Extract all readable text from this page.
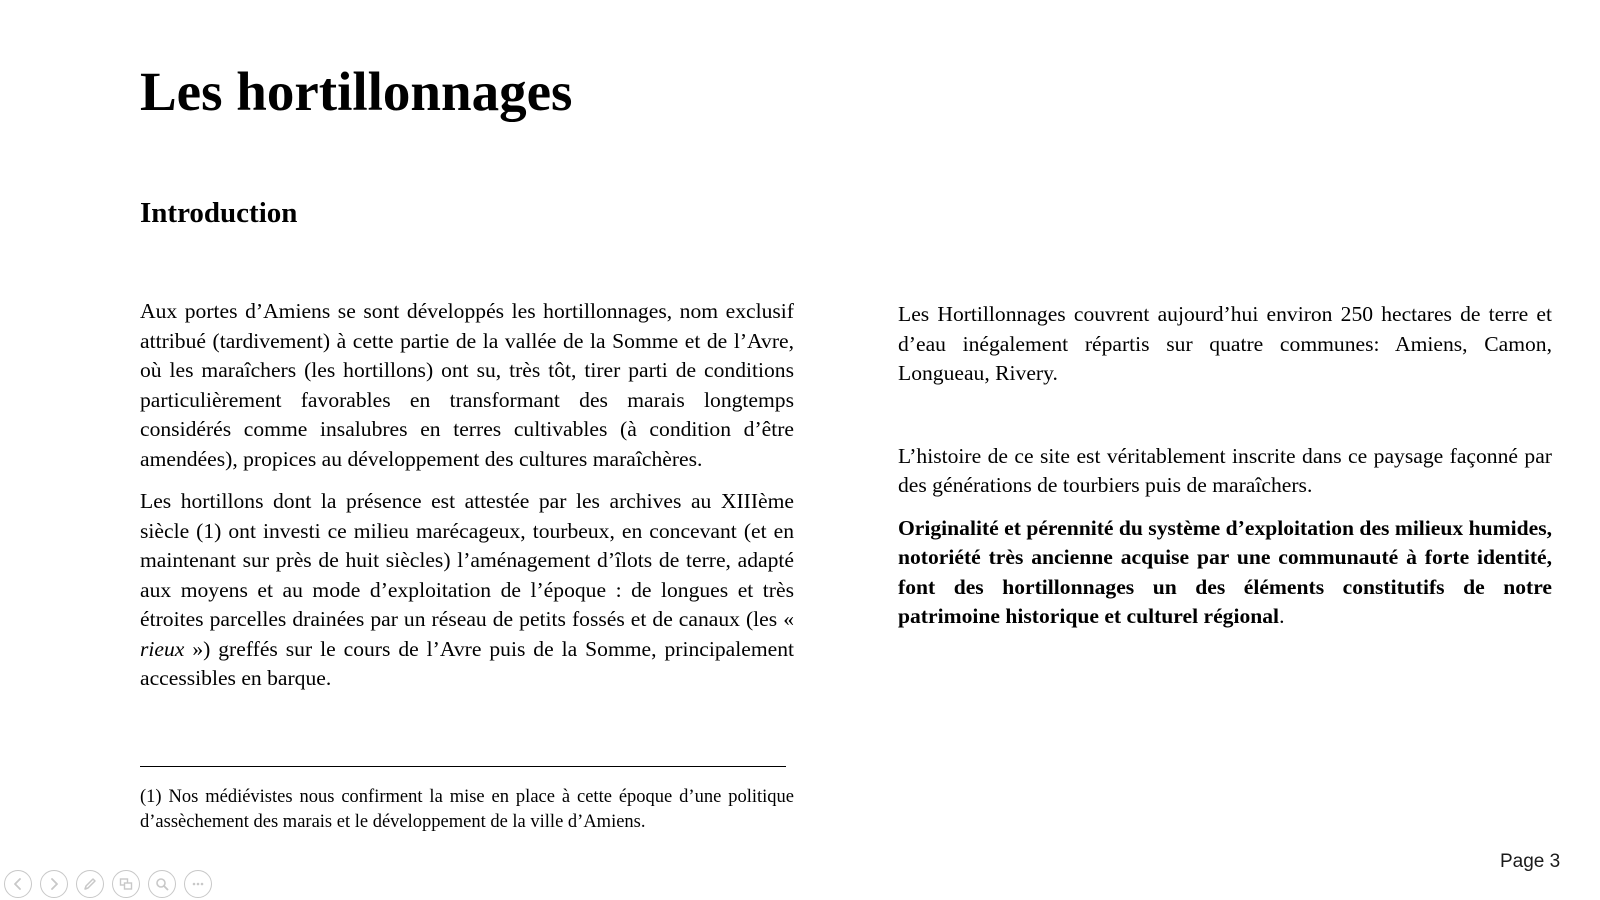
Les hortillonnages
Introduction

Aux portes d’Amiens se sont développés les hortillonnages, nom exclusif attribué (tardivement) à cette partie de la vallée de la Somme et de l’Avre, où les maraîchers (les hortillons) ont su, très tôt, tirer parti de conditions particulièrement favorables en transformant des marais longtemps considérés comme insalubres en terres cultivables (à condition d’être amendées), propices au développement des cultures maraîchères.

Les hortillons dont la présence est attestée par les archives au XIIIème siècle (1) ont investi ce milieu marécageux, tourbeux, en concevant (et en maintenant sur près de huit siècles) l’aménagement d’îlots de terre, adapté aux moyens et au mode d’exploitation de l’époque : de longues et très étroites parcelles drainées par un réseau de petits fossés et de canaux (les « rieux ») greffés sur le cours de l’Avre puis de la Somme, principalement accessibles en barque.

Les Hortillonnages couvrent aujourd’hui environ 250 hectares de terre et d’eau inégalement répartis sur quatre communes: Amiens, Camon, Longueau, Rivery.

L’histoire de ce site est véritablement inscrite dans ce paysage façonné par des générations de tourbiers puis de maraîchers.

Originalité et pérennité du système d’exploitation des milieux humides, notoriété très ancienne acquise par une communauté à forte identité, font des hortillonnages un des éléments constitutifs de notre patrimoine historique et culturel régional.

(1) Nos médiévistes nous confirment la mise en place à cette époque d’une politique d’assèchement des marais et le développement de la ville d’Amiens.

Page 3
